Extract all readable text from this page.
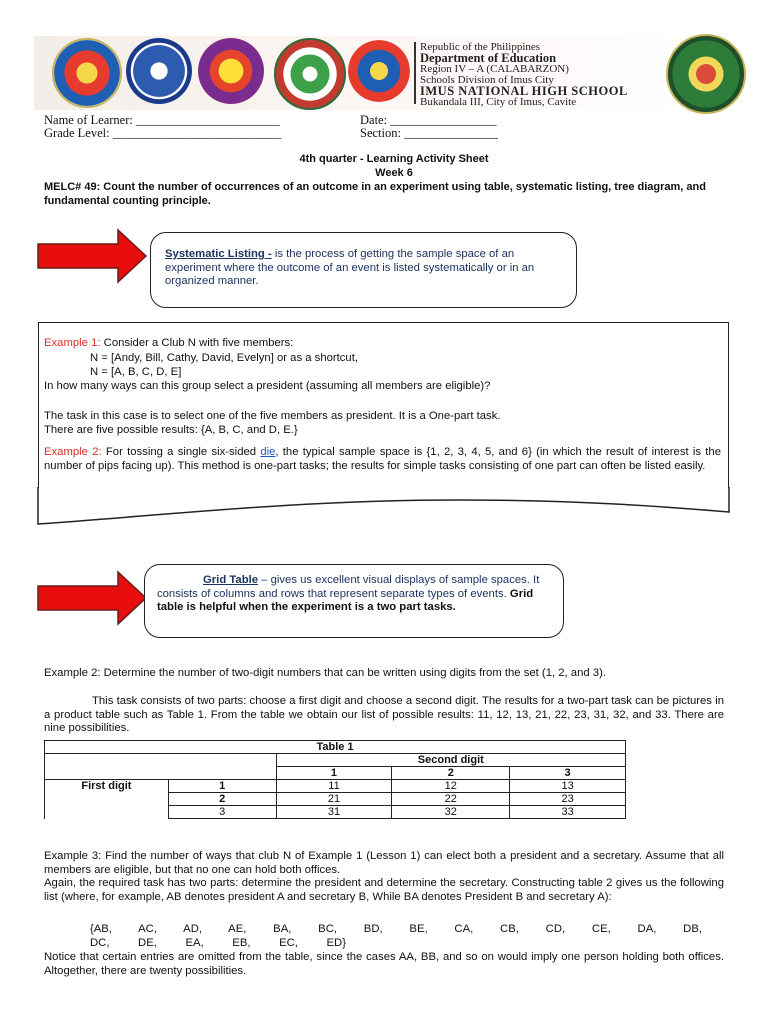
Republic of the Philippines
Department of Education
Region IV – A (CALABARZON)
Schools Division of Imus City
IMUS NATIONAL HIGH SCHOOL
Bukandala III, City of Imus, Cavite
Name of Learner: _______________________
Grade Level: ___________________________
Date: _________________
Section: _______________
4th quarter - Learning Activity Sheet
Week 6
MELC# 49: Count the number of occurrences of an outcome in an experiment using table, systematic listing, tree diagram, and fundamental counting principle.
Systematic Listing - is the process of getting the sample space of an experiment where the outcome of an event is listed systematically or in an organized manner.
Example 1: Consider a Club N with five members:
N = [Andy, Bill, Cathy, David, Evelyn] or as a shortcut,
N = [A, B, C, D, E]
In how many ways can this group select a president (assuming all members are eligible)?
The task in this case is to select one of the five members as president. It is a One-part task.
There are five possible results: {A, B, C, and D, E.}
Example 2: For tossing a single six-sided die, the typical sample space is {1, 2, 3, 4, 5, and 6} (in which the result of interest is the number of pips facing up). This method is one-part tasks; the results for simple tasks consisting of one part can often be listed easily.
Grid Table – gives us excellent visual displays of sample spaces. It consists of columns and rows that represent separate types of events. Grid table is helpful when the experiment is a two part tasks.
Example 2: Determine the number of two-digit numbers that can be written using digits from the set (1, 2, and 3).
This task consists of two parts: choose a first digit and choose a second digit. The results for a two-part task can be pictures in a product table such as Table 1. From the table we obtain our list of possible results: 11, 12, 13, 21, 22, 23, 31, 32, and 33. There are nine possibilities.
Table 1				
		Second digit		
		1	2	3
First digit	1	11	12	13
	2	21	22	23
	3	31	32	33
Example 3: Find the number of ways that club N of Example 1 (Lesson 1) can elect both a president and a secretary. Assume that all members are eligible, but that no one can hold both offices.
Again, the required task has two parts: determine the president and determine the secretary. Constructing table 2 gives us the following list (where, for example, AB denotes president A and secretary B, While BA denotes President B and secretary A):
{AB, AC, AD, AE, BA, BC, BD, BE, CA, CB, CD, CE, DA, DB,
DC, DE, EA, EB, EC, ED}
Notice that certain entries are omitted from the table, since the cases AA, BB, and so on would imply one person holding both offices. Altogether, there are twenty possibilities.
